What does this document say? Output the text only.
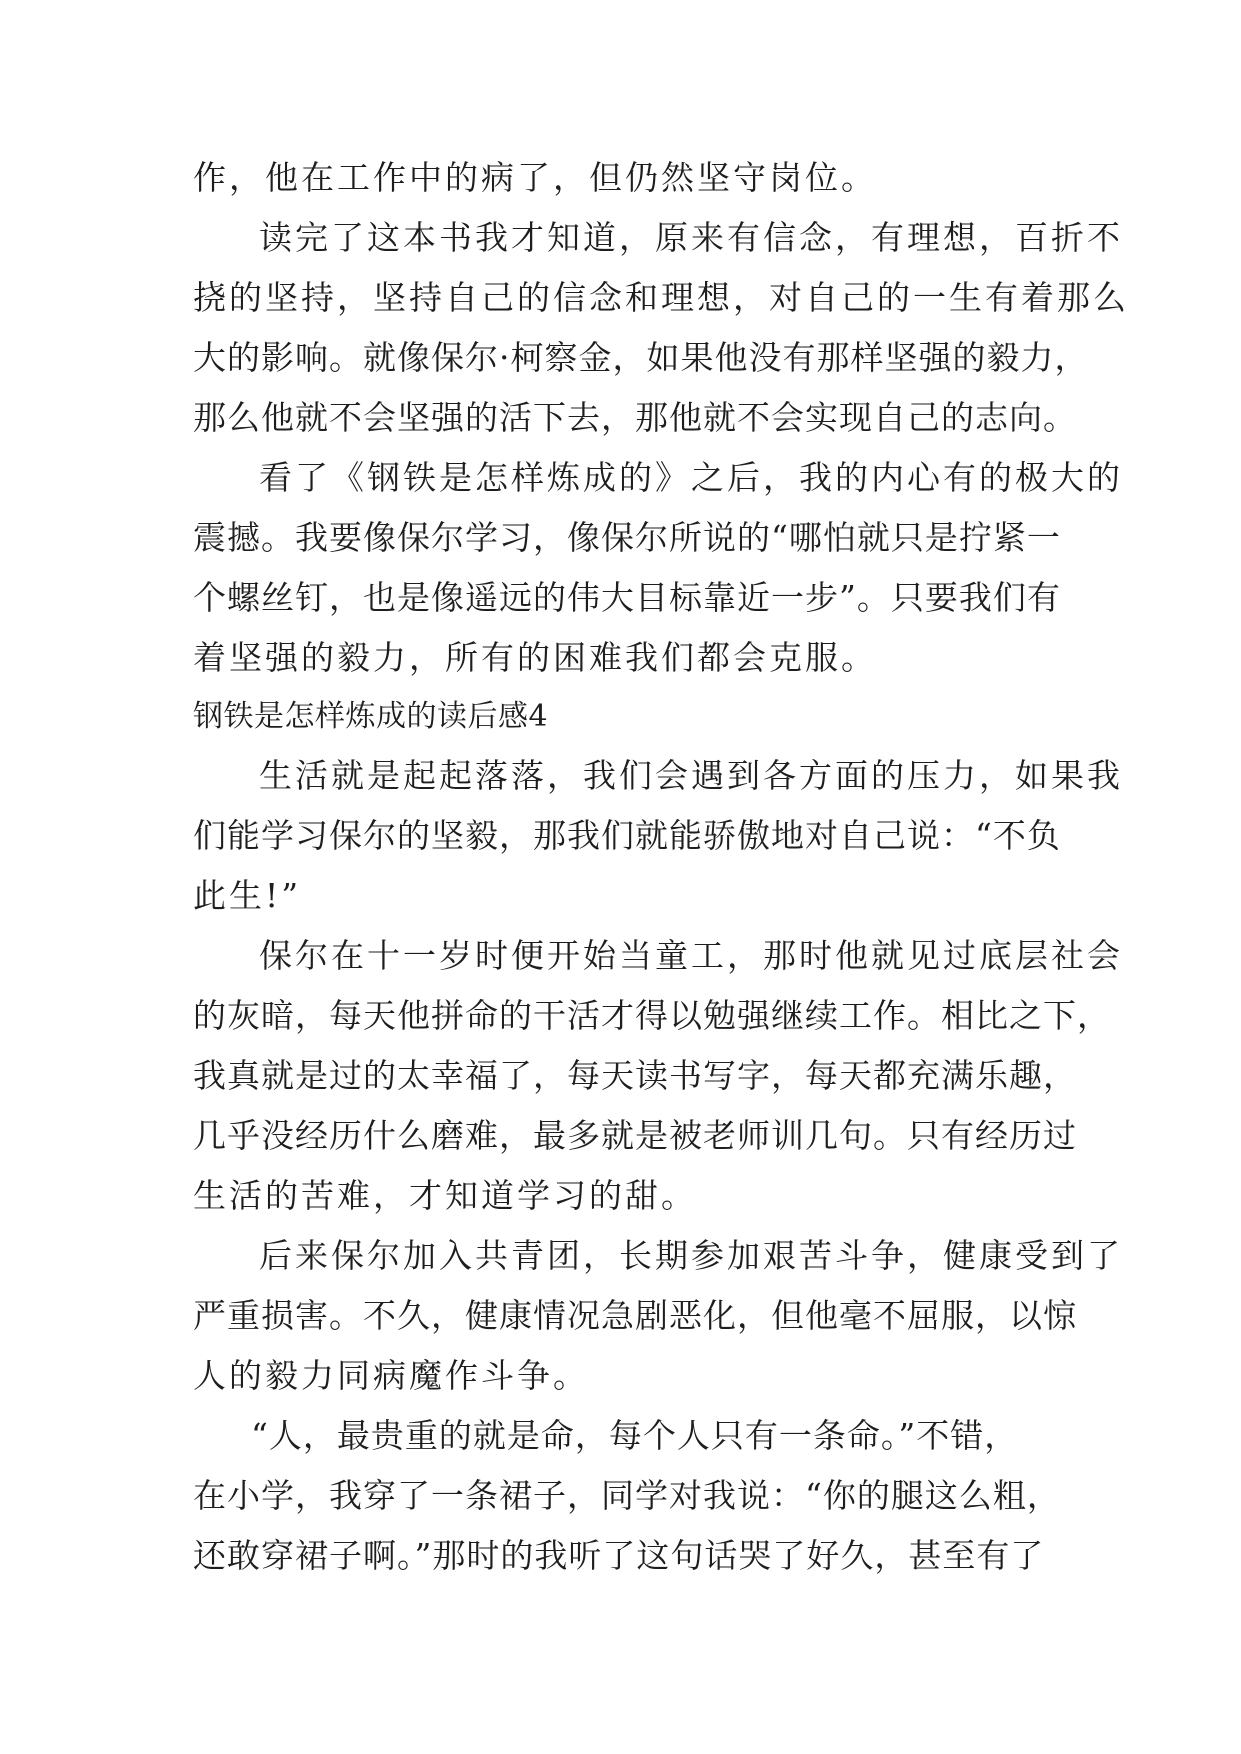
作，他在工作中的病了，但仍然坚守岗位。
读完了这本书我才知道，原来有信念，有理想，百折不
挠的坚持，坚持自己的信念和理想，对自己的一生有着那么
大的影响。就像保尔·柯察金，如果他没有那样坚强的毅力，
那么他就不会坚强的活下去，那他就不会实现自己的志向。
看了《钢铁是怎样炼成的》之后，我的内心有的极大的
震撼。我要像保尔学习，像保尔所说的“哪怕就只是拧紧一
个螺丝钉，也是像遥远的伟大目标靠近一步”。只要我们有
着坚强的毅力，所有的困难我们都会克服。
钢铁是怎样炼成的读后感4
生活就是起起落落，我们会遇到各方面的压力，如果我
们能学习保尔的坚毅，那我们就能骄傲地对自己说：“不负
此生!”
保尔在十一岁时便开始当童工，那时他就见过底层社会
的灰暗，每天他拼命的干活才得以勉强继续工作。相比之下，
我真就是过的太幸福了，每天读书写字，每天都充满乐趣，
几乎没经历什么磨难，最多就是被老师训几句。只有经历过
生活的苦难，才知道学习的甜。
后来保尔加入共青团，长期参加艰苦斗争，健康受到了
严重损害。不久，健康情况急剧恶化，但他毫不屈服，以惊
人的毅力同病魔作斗争。
“人，最贵重的就是命，每个人只有一条命。”不错，
在小学，我穿了一条裙子，同学对我说：“你的腿这么粗，
还敢穿裙子啊。”那时的我听了这句话哭了好久，甚至有了
